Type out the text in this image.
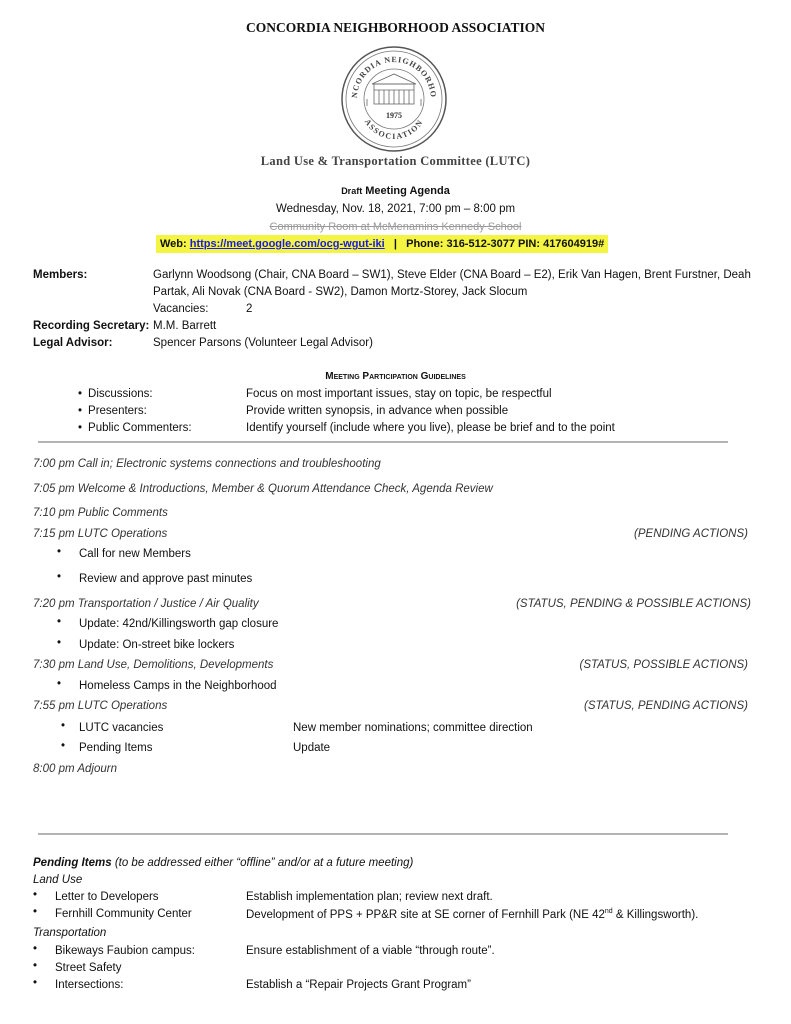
CONCORDIA NEIGHBORHOOD ASSOCIATION
NCORDIA NEIGHBORHO
ASSOCIATION
1975
Land Use & Transportation Committee (LUTC)
Draft Meeting Agenda
Wednesday, Nov. 18, 2021, 7:00 pm – 8:00 pm
Community Room at McMenamins Kennedy School
Web: https://meet.google.com/ocg-wgut-iki | Phone: 316-512-3077 PIN: 417604919#
Members:	Garlynn Woodsong (Chair, CNA Board – SW1), Steve Elder (CNA Board – E2), Erik Van Hagen, Brent Furstner, Deah
Partak, Ali Novak (CNA Board - SW2), Damon Mortz-Storey, Jack Slocum
Vacancies:	2
Recording Secretary: M.M. Barrett
Legal Advisor:	Spencer Parsons (Volunteer Legal Advisor)
Meeting Participation Guidelines
• Discussions:	Focus on most important issues, stay on topic, be respectful
• Presenters:	Provide written synopsis, in advance when possible
• Public Commenters:	Identify yourself (include where you live), please be brief and to the point
7:00 pm Call in; Electronic systems connections and troubleshooting
7:05 pm Welcome & Introductions, Member & Quorum Attendance Check, Agenda Review
7:10 pm Public Comments
7:15 pm LUTC Operations	(PENDING ACTIONS)
• Call for new Members
• Review and approve past minutes
7:20 pm Transportation / Justice / Air Quality	(STATUS, PENDING & POSSIBLE ACTIONS)
• Update: 42nd/Killingsworth gap closure
• Update: On-street bike lockers
7:30 pm Land Use, Demolitions, Developments	(STATUS, POSSIBLE ACTIONS)
• Homeless Camps in the Neighborhood
7:55 pm LUTC Operations	(STATUS, PENDING ACTIONS)
• LUTC vacancies	New member nominations; committee direction
• Pending Items	Update
8:00 pm Adjourn
Pending Items (to be addressed either “offline” and/or at a future meeting)
Land Use
• Letter to Developers	Establish implementation plan; review next draft.
• Fernhill Community Center	Development of PPS + PP&R site at SE corner of Fernhill Park (NE 42nd & Killingsworth).
Transportation
• Bikeways Faubion campus:	Ensure establishment of a viable “through route”.
• Street Safety
• Intersections:	Establish a “Repair Projects Grant Program”
